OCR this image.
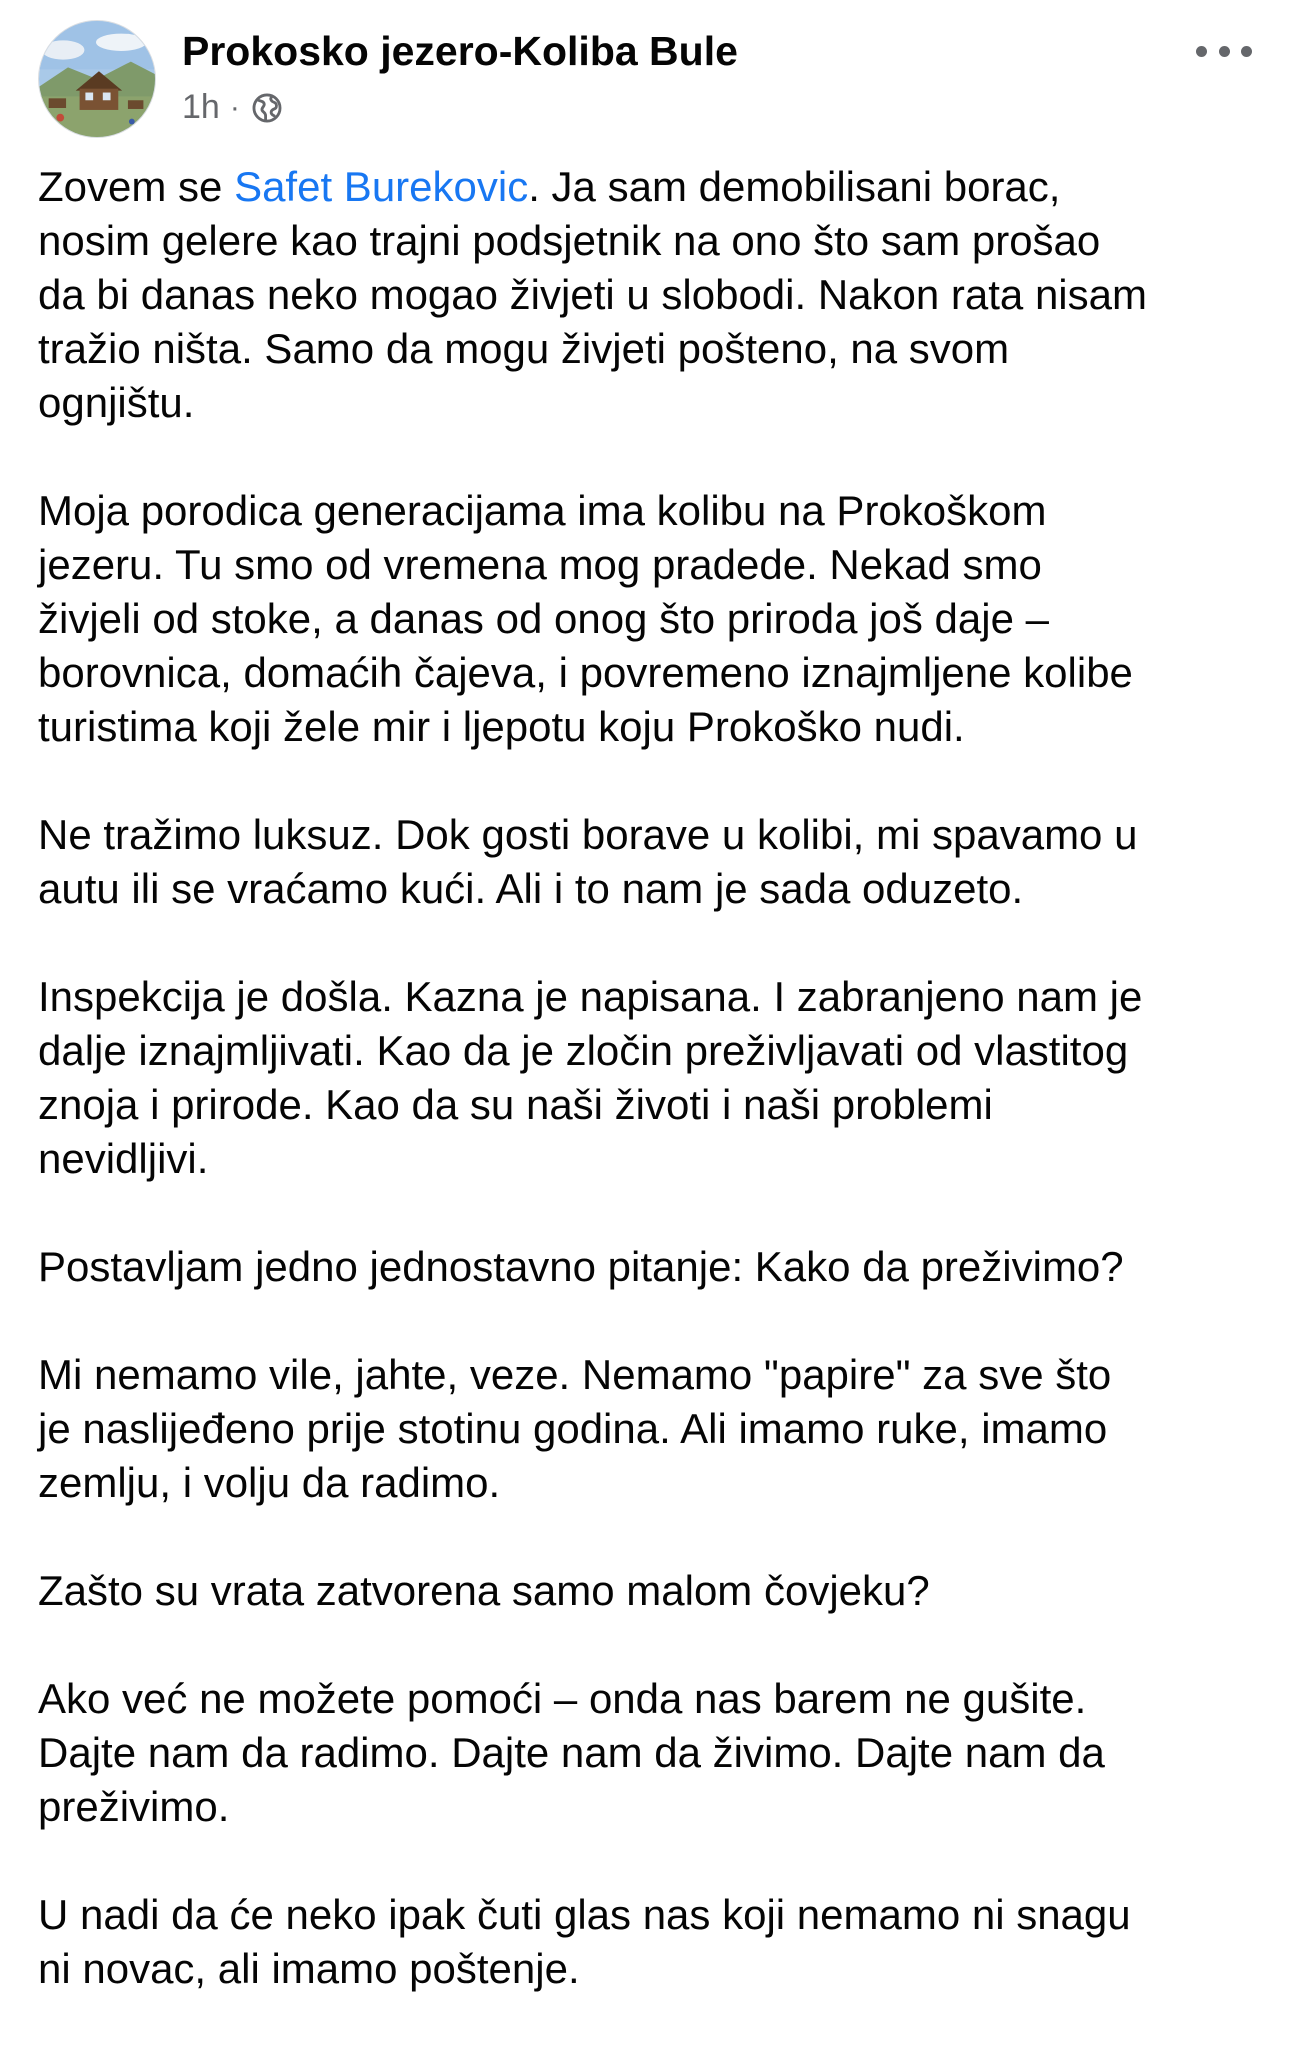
Prokosko jezero-Koliba Bule
1h ·
Zovem se Safet Burekovic. Ja sam demobilisani borac,
nosim gelere kao trajni podsjetnik na ono što sam prošao
da bi danas neko mogao živjeti u slobodi. Nakon rata nisam
tražio ništa. Samo da mogu živjeti pošteno, na svom
ognjištu.
Moja porodica generacijama ima kolibu na Prokoškom
jezeru. Tu smo od vremena mog pradede. Nekad smo
živjeli od stoke, a danas od onog što priroda još daje –
borovnica, domaćih čajeva, i povremeno iznajmljene kolibe
turistima koji žele mir i ljepotu koju Prokoško nudi.
Ne tražimo luksuz. Dok gosti borave u kolibi, mi spavamo u
autu ili se vraćamo kući. Ali i to nam je sada oduzeto.
Inspekcija je došla. Kazna je napisana. I zabranjeno nam je
dalje iznajmljivati. Kao da je zločin preživljavati od vlastitog
znoja i prirode. Kao da su naši životi i naši problemi
nevidljivi.
Postavljam jedno jednostavno pitanje: Kako da preživimo?
Mi nemamo vile, jahte, veze. Nemamo "papire" za sve što
je naslijeđeno prije stotinu godina. Ali imamo ruke, imamo
zemlju, i volju da radimo.
Zašto su vrata zatvorena samo malom čovjeku?
Ako već ne možete pomoći – onda nas barem ne gušite.
Dajte nam da radimo. Dajte nam da živimo. Dajte nam da
preživimo.
U nadi da će neko ipak čuti glas nas koji nemamo ni snagu
ni novac, ali imamo poštenje.
